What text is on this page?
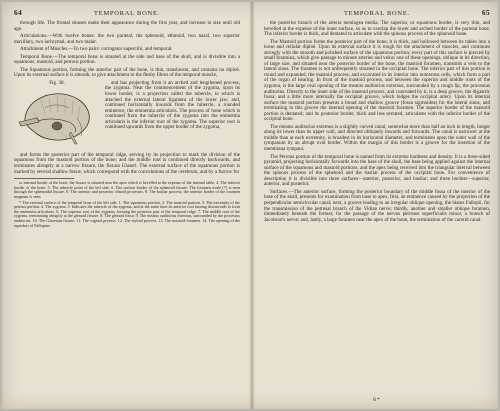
64	TEMPORAL BONE.

through life. The frontal sinuses make their appearance during the first year, and increase in size until old age.

Articulations.—With twelve bones: the two parietal, the sphenoid, ethmoid, two nasal, two superior maxillary, two lachrymal, and two malar.

Attachment of Muscles.—To two pairs: corrugator supercilii, and temporal.

Temporal Bone.—The temporal bone is situated at the side and base of the skull, and is divisible into a squamous, mastoid, and petrous portion.

The Squamous portion, forming the anterior part of the bone, is thin, translucent, and contains no diploë. Upon its external surface it is smooth, to give attachment to the fleshy fibres of the temporal muscle,

Fig. 38.	and has projecting from it an arched and lengthened process, the zygoma. Near the commencement of the zygoma, upon its lower border, is a projection called the tubercle, to which is attached the external lateral ligament of the lower jaw; and, continued horizontally inwards from the tubercle, a rounded eminence, the eminentia articularis. The process of bone which is continued from the tubercle of the zygoma into the eminentia articularis is the inferior root of the zygoma. The superior root is continued upwards from the upper border of the zygoma,

and forms the posterior part of the temporal ridge, serving by its projection to mark the division of the squamous from the mastoid portion of the bone; and the middle root is continued directly backwards, and terminates abruptly at a narrow fissure, the fissura Glaseri. The external surface of the squamous portion is marked by several shallow fossæ, which correspond with the convolutions of the cerebrum, and by a furrow for

or internal border of the bone; the fissure is situated near the apex which is bevelled at the expense of the internal table. 4. The inferior border of the bone. 5. The tubercle point of the left side. 6. The surface border of the sphenoid fissure. The foramen ovale (7) is seen through the sphenoidal fissure. 8. The anterior and posterior clinoid processes. 9. The basilar process; the anterior border of the foramen magnum is seen.

* The external surface of the temporal bone of the left side. 1. The squamous portion. 2. The mastoid portion. 3. The extremity of the petrous portion. 4. The zygoma. 5. Indicates the tubercle of the zygoma, and at the same time its anterior root turning downwards to form the eminentia articularis. 6. The superior root of the zygoma, forming the posterior part of the temporal ridge. 7. The middle root of the zygoma, terminating abruptly at the glenoid fissure. 8. The glenoid fossa. 9. The meatus auditorius externus, surrounded by the processus auditorius. 10. The Glaserian fissure. 11. The vaginal process. 12. The styloid process. 13. The mastoid foramen. 14. The opening of the aqueduct of Fallopius.

TEMPORAL BONE.	65

the posterior branch of the arteria meningea media. The superior, or squamous border, is very thin, and bevelled at the expense of the inner surface, so as to overlap the lower and arched border of the parietal bone. The inferior border is thick, and dentated to articulate with the spinous process of the sphenoid bone.

The Mastoid portion forms the posterior part of the bone; it is thick, and hollowed between its tables into a loose and cellular diploë. Upon its external surface it is rough for the attachment of muscles, and continues strongly with the smooth and polished surface of the squamous portion: every part of this surface is pierced by small foramina, which give passage to minute arteries and veins; one of these openings, oblique in its direction, of large size, and situated near the posterior border of the bone, the mastoid foramen, transmits a vein to the lateral sinus. The foramen is not unfrequently situated in the occipital bone. The inferior part of this portion is round and expanded, the mastoid process, and excavated in its interior into numerous cells, which form a part of the organ of hearing. In front of the mastoid process, and between the superior and middle roots of the zygoma, is the large oval opening of the meatus auditorius externus, surrounded by a rough lip, the processus auditorius. Directly to the inner side of the mastoid process, and concealed by it, is a deep groove, the digastric fossa; and a little more internally the occipital groove, which lodges the occipital artery. Upon its internal surface the mastoid portion presents a broad and shallow groove (fossa sigmoidea) for the lateral sinus, and terminating in this groove the internal opening of the mastoid foramen. The superior border of the mastoid portion is dentated; and its posterior border, thick and less serrated, articulates with the inferior border of the occipital bone.

The meatus auditorius externus is a slightly curved canal, somewhat more than half an inch in length, longer along its lower than its upper wall, and directed obliquely inwards and forwards. The canal is narrower at the middle than at each extremity, is broadest in its horizontal diameter, and terminates upon the outer wall of the tympanum by an abrupt oval border. Within the margin of this border is a groove for the insertion of the membrana tympani.

The Petrous portion of the temporal bone is named from its extreme hardness and density. It is a three-sided pyramid, projecting horizontally forwards into the base of the skull, the base being applied against the internal surface of the squamous and mastoid portions, and the apex being received into the triangular interval between the spinous process of the sphenoid and the basilar process of the occipital bone. For convenience of description it is divisible into three surfaces—anterior, posterior, and basilar; and three borders—superior, anterior, and posterior.

Surfaces.—The anterior surface, forming the posterior boundary of the middle fossa of the interior of the base of the skull, presents for examination from base to apex, first, an eminence caused by the projection of the perpendicular semicircular canal; next, a groove leading to an irregular oblique opening, the hiatus Fallopii, for the transmission of the petrosal branch of the Vidian nerve; thirdly, another and smaller oblique foramen, immediately beneath the former, for the passage of the nervus petrosus superficialis minor, a branch of Jacobson's nerve; and, lastly, a large foramen near the apex of the bone, the termination of the carotid canal.

6*
